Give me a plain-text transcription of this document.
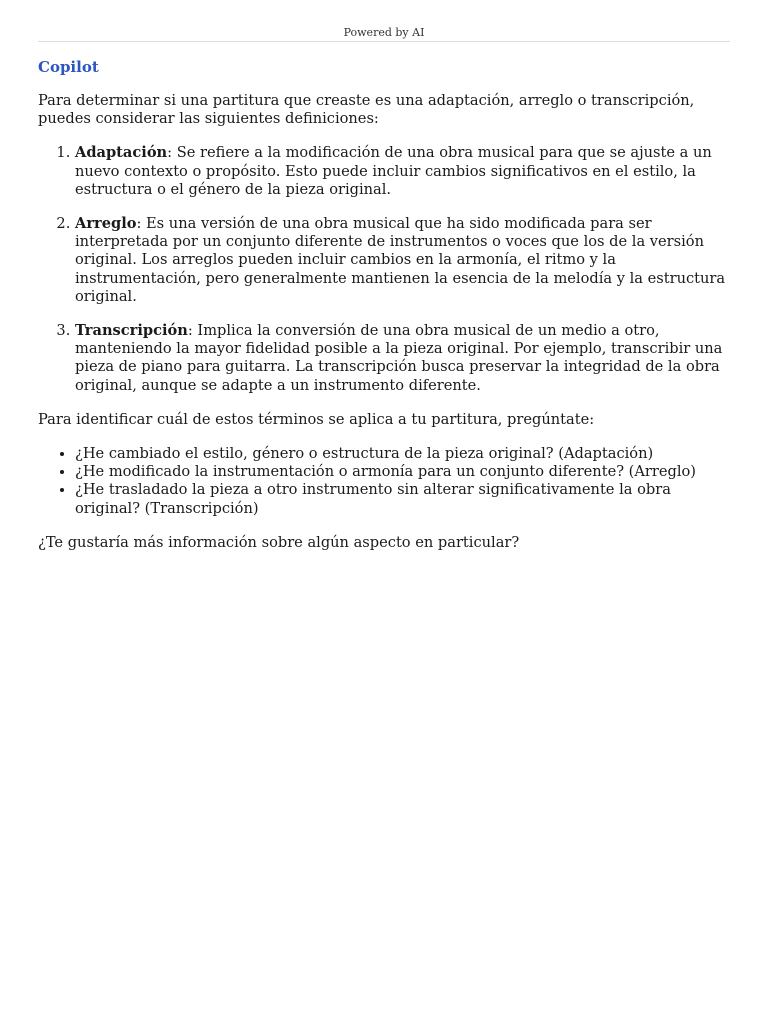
Powered by AI
Copilot

Para determinar si una partitura que creaste es una adaptación, arreglo o transcripción, puedes considerar las siguientes definiciones:

1. Adaptación: Se refiere a la modificación de una obra musical para que se ajuste a un nuevo contexto o propósito. Esto puede incluir cambios significativos en el estilo, la estructura o el género de la pieza original.
2. Arreglo: Es una versión de una obra musical que ha sido modificada para ser interpretada por un conjunto diferente de instrumentos o voces que los de la versión original. Los arreglos pueden incluir cambios en la armonía, el ritmo y la instrumentación, pero generalmente mantienen la esencia de la melodía y la estructura original.
3. Transcripción: Implica la conversión de una obra musical de un medio a otro, manteniendo la mayor fidelidad posible a la pieza original. Por ejemplo, transcribir una pieza de piano para guitarra. La transcripción busca preservar la integridad de la obra original, aunque se adapte a un instrumento diferente.

Para identificar cuál de estos términos se aplica a tu partitura, pregúntate:

• ¿He cambiado el estilo, género o estructura de la pieza original? (Adaptación)
• ¿He modificado la instrumentación o armonía para un conjunto diferente? (Arreglo)
• ¿He trasladado la pieza a otro instrumento sin alterar significativamente la obra original? (Transcripción)

¿Te gustaría más información sobre algún aspecto en particular?
